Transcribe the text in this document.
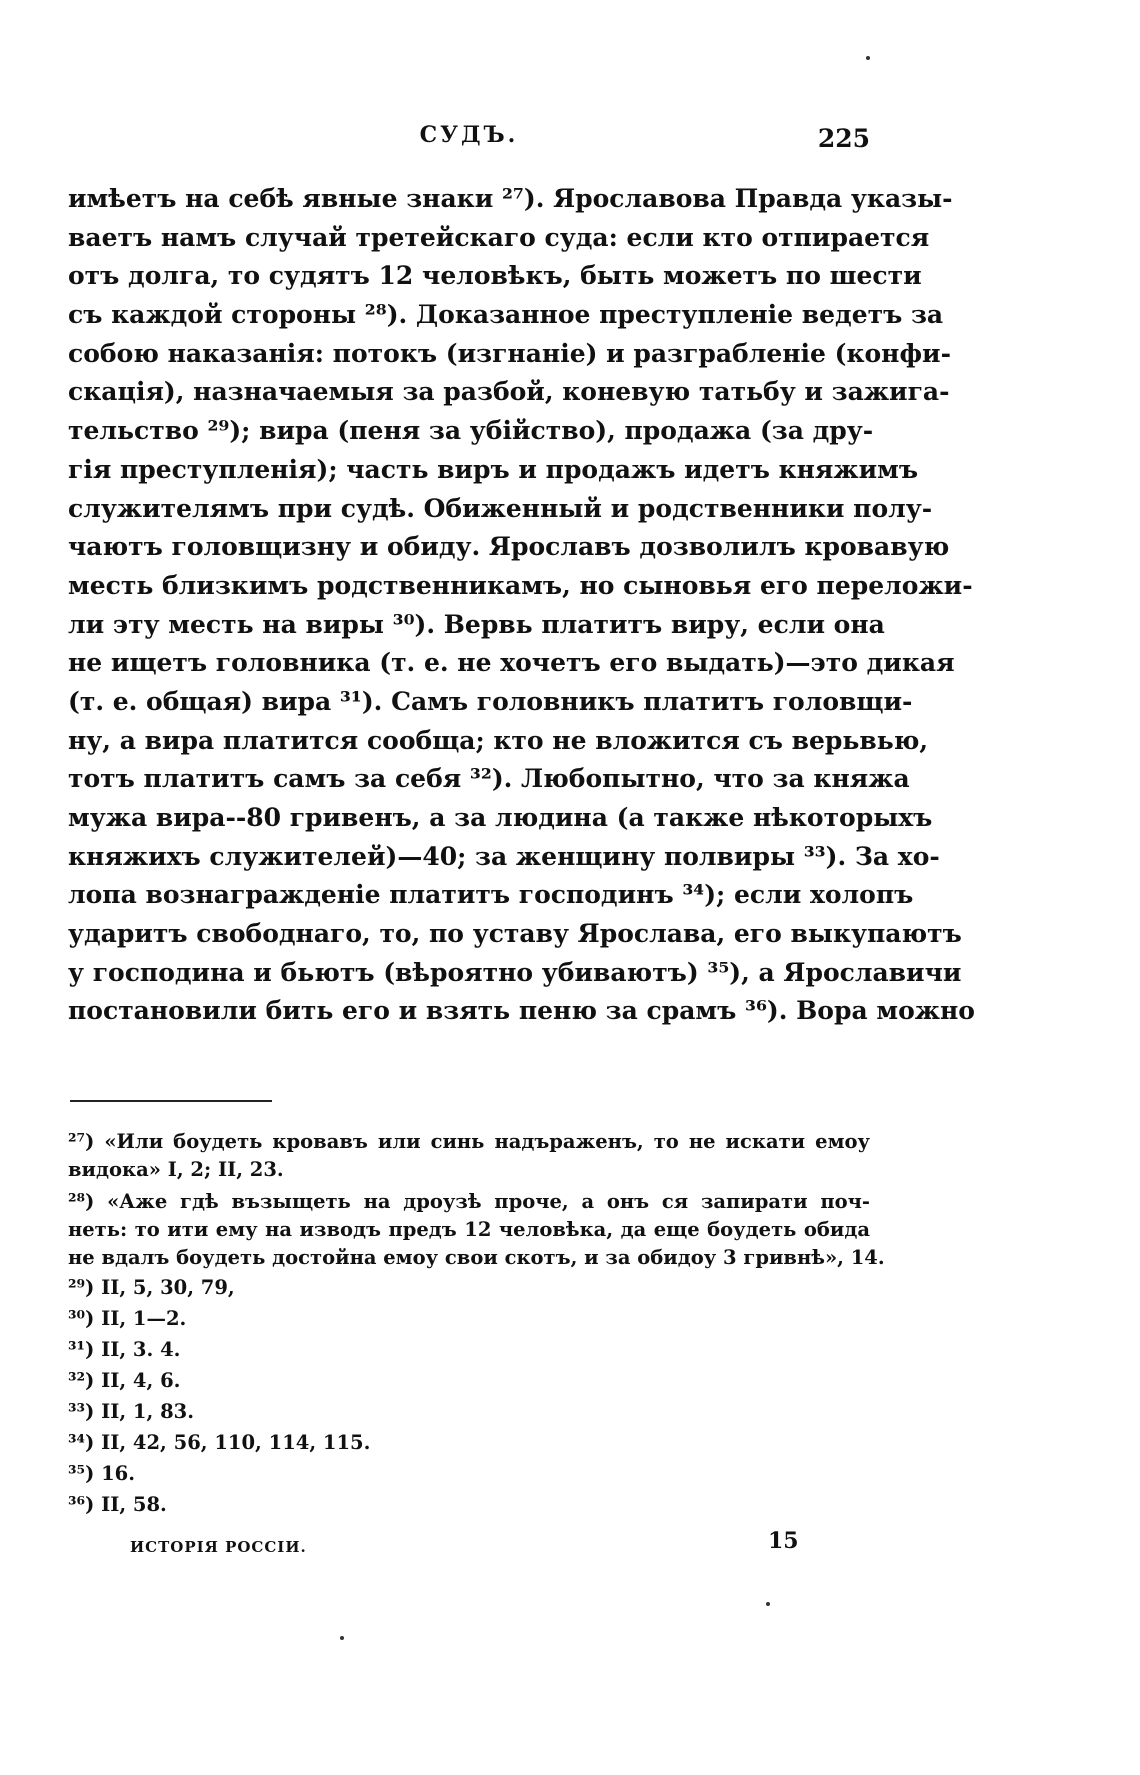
СУДЪ.	225
имѣетъ на себѣ явные знаки ²⁷). Ярославова Правда указы-
ваетъ намъ случай третейскаго суда: если кто отпирается
отъ долга, то судятъ 12 человѣкъ, быть можетъ по шести
съ каждой стороны ²⁸). Доказанное преступленіе ведетъ за
собою наказанія: потокъ (изгнаніе) и разграбленіе (конфи-
скація), назначаемыя за разбой, коневую татьбу и зажига-
тельство ²⁹); вира (пеня за убійство), продажа (за дру-
гія преступленія); часть виръ и продажъ идетъ княжимъ
служителямъ при судѣ. Обиженный и родственники полу-
чаютъ головщизну и обиду. Ярославъ дозволилъ кровавую
месть близкимъ родственникамъ, но сыновья его переложи-
ли эту месть на виры ³⁰). Вервь платитъ виру, если она
не ищетъ головника (т. е. не хочетъ его выдать)—это дикая
(т. е. общая) вира ³¹). Самъ головникъ платитъ головщи-
ну, а вира платится сообща; кто не вложится съ верьвью,
тотъ платитъ самъ за себя ³²). Любопытно, что за княжа
мужа вира--80 гривенъ, а за людина (а также нѣкоторыхъ
княжихъ служителей)—40; за женщину полвиры ³³). За хо-
лопа вознагражденіе платитъ господинъ ³⁴); если холопъ
ударитъ свободнаго, то, по уставу Ярослава, его выкупаютъ
у господина и бьютъ (вѣроятно убиваютъ) ³⁵), а Ярославичи
постановили бить его и взять пеню за срамъ ³⁶). Вора можно
²⁷) «Или боудеть кровавъ или синь надъраженъ, то не искати емоу
видока» I, 2; II, 23.
²⁸) «Аже гдѣ възыщеть на дроузѣ проче, а онъ ся запирати поч-
неть: то ити ему на изводъ предъ 12 человѣка, да еще боудеть обида
не вдалъ боудеть достойна емоу свои скотъ, и за обидоу 3 гривнѣ», 14.
²⁹) II, 5, 30, 79,
³⁰) II, 1—2.
³¹) II, 3. 4.
³²) II, 4, 6.
³³) II, 1, 83.
³⁴) II, 42, 56, 110, 114, 115.
³⁵) 16.
³⁶) II, 58.
ИСТОРІЯ РОССІИ.	15
